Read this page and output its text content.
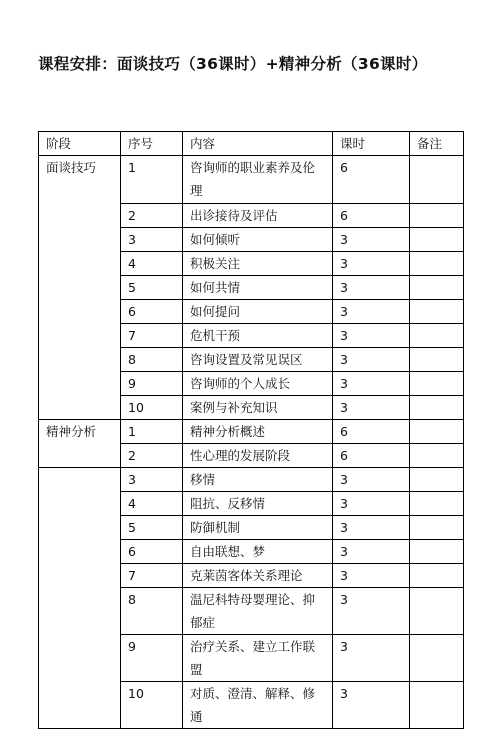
课程安排：面谈技巧（36课时）+精神分析（36课时）
阶段	序号	内容	课时	备注
面谈技巧	1	咨询师的职业素养及伦理	6	
	2	出诊接待及评估	6	
	3	如何倾听	3	
	4	积极关注	3	
	5	如何共情	3	
	6	如何提问	3	
	7	危机干预	3	
	8	咨询设置及常见误区	3	
	9	咨询师的个人成长	3	
	10	案例与补充知识	3	
精神分析	1	精神分析概述	6	
	2	性心理的发展阶段	6	
	3	移情	3	
	4	阻抗、反移情	3	
	5	防御机制	3	
	6	自由联想、梦	3	
	7	克莱茵客体关系理论	3	
	8	温尼科特母婴理论、抑郁症	3	
	9	治疗关系、建立工作联盟	3	
	10	对质、澄清、解释、修通	3	
